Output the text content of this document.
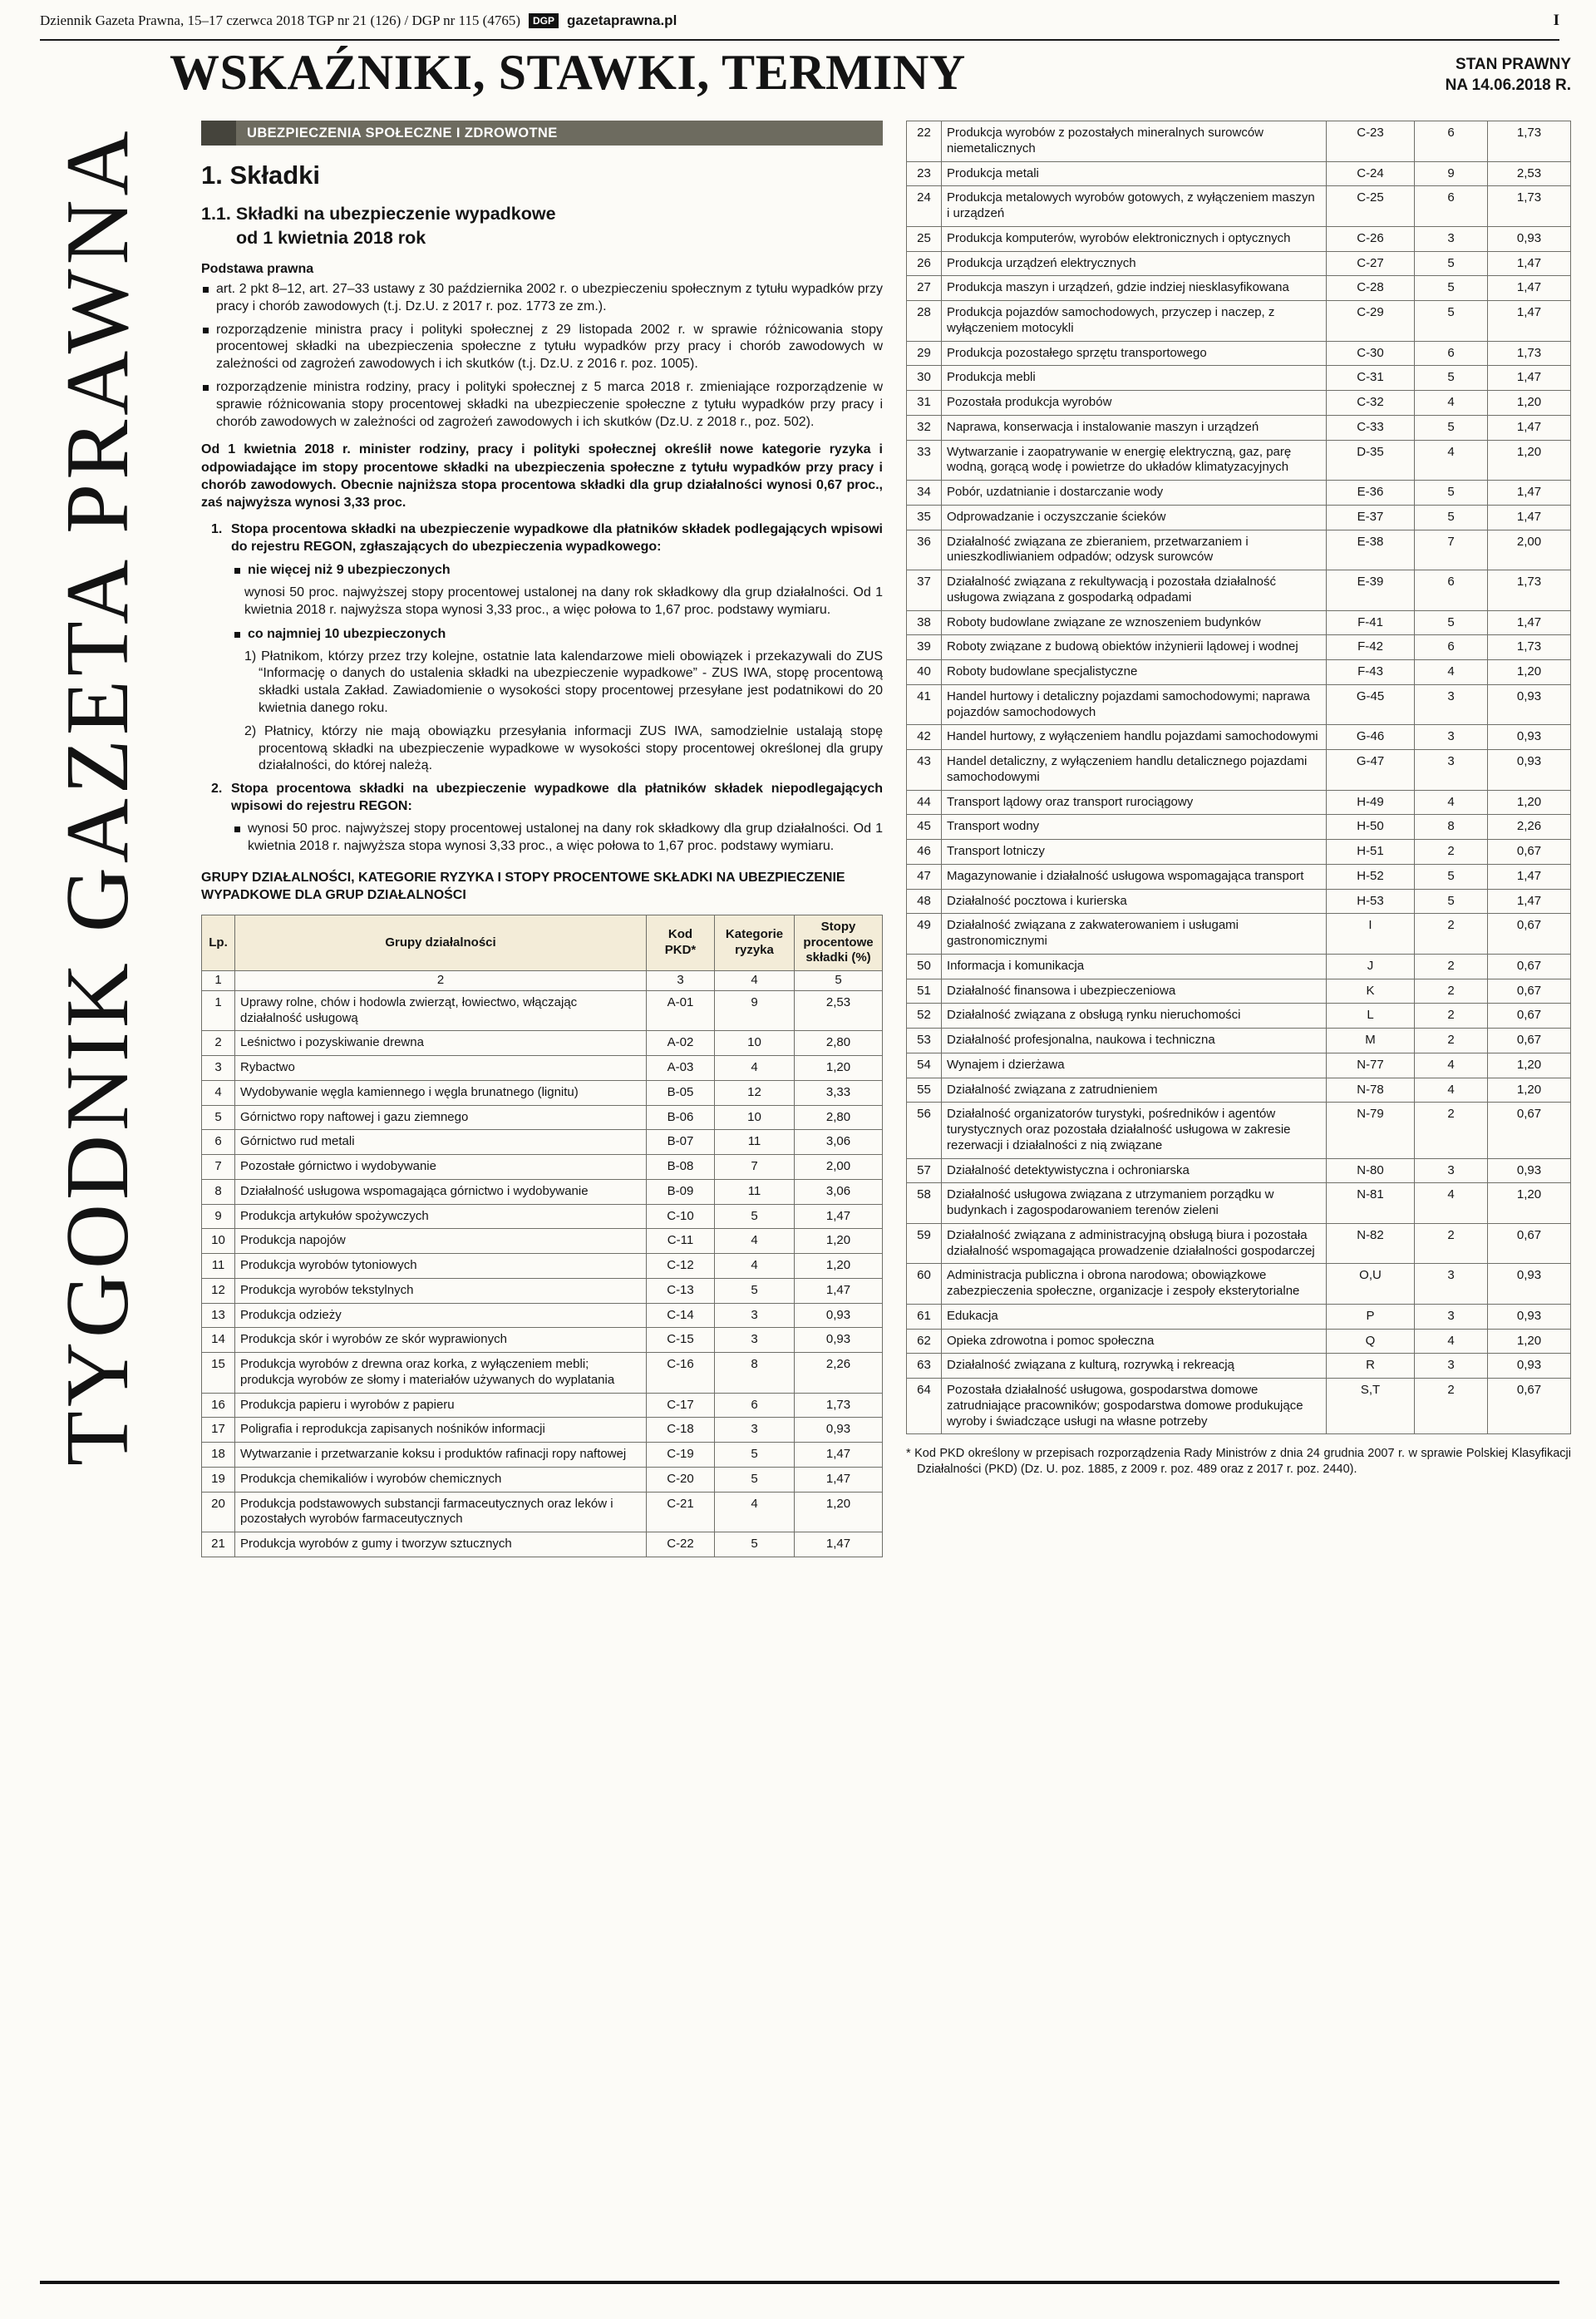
Dziennik Gazeta Prawna, 15–17 czerwca 2018 TGP nr 21 (126) / DGP nr 115 (4765)	DGP gazetaprawna.pl	I
TYGODNIK GAZETA PRAWNA
WSKAŹNIKI, STAWKI, TERMINY	STAN PRAWNY
NA 14.06.2018 R.
UBEZPIECZENIA SPOŁECZNE I ZDROWOTNE
1. Składki
1.1. Składki na ubezpieczenie wypadkowe
od 1 kwietnia 2018 rok
Podstawa prawna
art. 2 pkt 8–12, art. 27–33 ustawy z 30 października 2002 r. o ubezpieczeniu społecznym z tytułu wypadków przy pracy i chorób zawodowych (t.j. Dz.U. z 2017 r. poz. 1773 ze zm.).
rozporządzenie ministra pracy i polityki społecznej z 29 listopada 2002 r. w sprawie różnicowania stopy procentowej składki na ubezpieczenia społeczne z tytułu wypadków przy pracy i chorób zawodowych w zależności od zagrożeń zawodowych i ich skutków (t.j. Dz.U. z 2016 r. poz. 1005).
rozporządzenie ministra rodziny, pracy i polityki społecznej z 5 marca 2018 r. zmieniające rozporządzenie w sprawie różnicowania stopy procentowej składki na ubezpieczenie społeczne z tytułu wypadków przy pracy i chorób zawodowych w zależności od zagrożeń zawodowych i ich skutków (Dz.U. z 2018 r., poz. 502).
Od 1 kwietnia 2018 r. minister rodziny, pracy i polityki społecznej określił nowe kategorie ryzyka i odpowiadające im stopy procentowe składki na ubezpieczenia społeczne z tytułu wypadków przy pracy i chorób zawodowych. Obecnie najniższa stopa procentowa składki dla grup działalności wynosi 0,67 proc., zaś najwyższa wynosi 3,33 proc.
1. Stopa procentowa składki na ubezpieczenie wypadkowe dla płatników składek podlegających wpisowi do rejestru REGON, zgłaszających do ubezpieczenia wypadkowego:
nie więcej niż 9 ubezpieczonych
wynosi 50 proc. najwyższej stopy procentowej ustalonej na dany rok składkowy dla grup działalności. Od 1 kwietnia 2018 r. najwyższa stopa wynosi 3,33 proc., a więc połowa to 1,67 proc. podstawy wymiaru.
co najmniej 10 ubezpieczonych
1) Płatnikom, którzy przez trzy kolejne, ostatnie lata kalendarzowe mieli obowiązek i przekazywali do ZUS “Informację o danych do ustalenia składki na ubezpieczenie wypadkowe” - ZUS IWA, stopę procentową składki ustala Zakład. Zawiadomienie o wysokości stopy procentowej przesyłane jest podatnikowi do 20 kwietnia danego roku.
2) Płatnicy, którzy nie mają obowiązku przesyłania informacji ZUS IWA, samodzielnie ustalają stopę procentową składki na ubezpieczenie wypadkowe w wysokości stopy procentowej określonej dla grupy działalności, do której należą.
2. Stopa procentowa składki na ubezpieczenie wypadkowe dla płatników składek niepodlegających wpisowi do rejestru REGON:
wynosi 50 proc. najwyższej stopy procentowej ustalonej na dany rok składkowy dla grup działalności. Od 1 kwietnia 2018 r. najwyższa stopa wynosi 3,33 proc., a więc połowa to 1,67 proc. podstawy wymiaru.
GRUPY DZIAŁALNOŚCI, KATEGORIE RYZYKA I STOPY PROCENTOWE SKŁADKI NA UBEZPIECZENIE WYPADKOWE DLA GRUP DZIAŁALNOŚCI
Lp.	Grupy działalności	Kod PKD*	Kategorie ryzyka	Stopy procentowe składki (%)
1	2	3	4	5
1	Uprawy rolne, chów i hodowla zwierząt, łowiectwo, włączając działalność usługową	A-01	9	2,53
2	Leśnictwo i pozyskiwanie drewna	A-02	10	2,80
3	Rybactwo	A-03	4	1,20
4	Wydobywanie węgla kamiennego i węgla brunatnego (lignitu)	B-05	12	3,33
5	Górnictwo ropy naftowej i gazu ziemnego	B-06	10	2,80
6	Górnictwo rud metali	B-07	11	3,06
7	Pozostałe górnictwo i wydobywanie	B-08	7	2,00
8	Działalność usługowa wspomagająca górnictwo i wydobywanie	B-09	11	3,06
9	Produkcja artykułów spożywczych	C-10	5	1,47
10	Produkcja napojów	C-11	4	1,20
11	Produkcja wyrobów tytoniowych	C-12	4	1,20
12	Produkcja wyrobów tekstylnych	C-13	5	1,47
13	Produkcja odzieży	C-14	3	0,93
14	Produkcja skór i wyrobów ze skór wyprawionych	C-15	3	0,93
15	Produkcja wyrobów z drewna oraz korka, z wyłączeniem mebli; produkcja wyrobów ze słomy i materiałów używanych do wyplatania	C-16	8	2,26
16	Produkcja papieru i wyrobów z papieru	C-17	6	1,73
17	Poligrafia i reprodukcja zapisanych nośników informacji	C-18	3	0,93
18	Wytwarzanie i przetwarzanie koksu i produktów rafinacji ropy naftowej	C-19	5	1,47
19	Produkcja chemikaliów i wyrobów chemicznych	C-20	5	1,47
20	Produkcja podstawowych substancji farmaceutycznych oraz leków i pozostałych wyrobów farmaceutycznych	C-21	4	1,20
21	Produkcja wyrobów z gumy i tworzyw sztucznych	C-22	5	1,47
22	Produkcja wyrobów z pozostałych mineralnych surowców niemetalicznych	C-23	6	1,73
23	Produkcja metali	C-24	9	2,53
24	Produkcja metalowych wyrobów gotowych, z wyłączeniem maszyn i urządzeń	C-25	6	1,73
25	Produkcja komputerów, wyrobów elektronicznych i optycznych	C-26	3	0,93
26	Produkcja urządzeń elektrycznych	C-27	5	1,47
27	Produkcja maszyn i urządzeń, gdzie indziej niesklasyfikowana	C-28	5	1,47
28	Produkcja pojazdów samochodowych, przyczep i naczep, z wyłączeniem motocykli	C-29	5	1,47
29	Produkcja pozostałego sprzętu transportowego	C-30	6	1,73
30	Produkcja mebli	C-31	5	1,47
31	Pozostała produkcja wyrobów	C-32	4	1,20
32	Naprawa, konserwacja i instalowanie maszyn i urządzeń	C-33	5	1,47
33	Wytwarzanie i zaopatrywanie w energię elektryczną, gaz, parę wodną, gorącą wodę i powietrze do układów klimatyzacyjnych	D-35	4	1,20
34	Pobór, uzdatnianie i dostarczanie wody	E-36	5	1,47
35	Odprowadzanie i oczyszczanie ścieków	E-37	5	1,47
36	Działalność związana ze zbieraniem, przetwarzaniem i unieszkodliwianiem odpadów; odzysk surowców	E-38	7	2,00
37	Działalność związana z rekultywacją i pozostała działalność usługowa związana z gospodarką odpadami	E-39	6	1,73
38	Roboty budowlane związane ze wznoszeniem budynków	F-41	5	1,47
39	Roboty związane z budową obiektów inżynierii lądowej i wodnej	F-42	6	1,73
40	Roboty budowlane specjalistyczne	F-43	4	1,20
41	Handel hurtowy i detaliczny pojazdami samochodowymi; naprawa pojazdów samochodowych	G-45	3	0,93
42	Handel hurtowy, z wyłączeniem handlu pojazdami samochodowymi	G-46	3	0,93
43	Handel detaliczny, z wyłączeniem handlu detalicznego pojazdami samochodowymi	G-47	3	0,93
44	Transport lądowy oraz transport rurociągowy	H-49	4	1,20
45	Transport wodny	H-50	8	2,26
46	Transport lotniczy	H-51	2	0,67
47	Magazynowanie i działalność usługowa wspomagająca transport	H-52	5	1,47
48	Działalność pocztowa i kurierska	H-53	5	1,47
49	Działalność związana z zakwaterowaniem i usługami gastronomicznymi	I	2	0,67
50	Informacja i komunikacja	J	2	0,67
51	Działalność finansowa i ubezpieczeniowa	K	2	0,67
52	Działalność związana z obsługą rynku nieruchomości	L	2	0,67
53	Działalność profesjonalna, naukowa i techniczna	M	2	0,67
54	Wynajem i dzierżawa	N-77	4	1,20
55	Działalność związana z zatrudnieniem	N-78	4	1,20
56	Działalność organizatorów turystyki, pośredników i agentów turystycznych oraz pozostała działalność usługowa w zakresie rezerwacji i działalności z nią związane	N-79	2	0,67
57	Działalność detektywistyczna i ochroniarska	N-80	3	0,93
58	Działalność usługowa związana z utrzymaniem porządku w budynkach i zagospodarowaniem terenów zieleni	N-81	4	1,20
59	Działalność związana z administracyjną obsługą biura i pozostała działalność wspomagająca prowadzenie działalności gospodarczej	N-82	2	0,67
60	Administracja publiczna i obrona narodowa; obowiązkowe zabezpieczenia społeczne, organizacje i zespoły eksterytorialne	O,U	3	0,93
61	Edukacja	P	3	0,93
62	Opieka zdrowotna i pomoc społeczna	Q	4	1,20
63	Działalność związana z kulturą, rozrywką i rekreacją	R	3	0,93
64	Pozostała działalność usługowa, gospodarstwa domowe zatrudniające pracowników; gospodarstwa domowe produkujące wyroby i świadczące usługi na własne potrzeby	S,T	2	0,67
* Kod PKD określony w przepisach rozporządzenia Rady Ministrów z dnia 24 grudnia 2007 r. w sprawie Polskiej Klasyfikacji Działalności (PKD) (Dz. U. poz. 1885, z 2009 r. poz. 489 oraz z 2017 r. poz. 2440).
